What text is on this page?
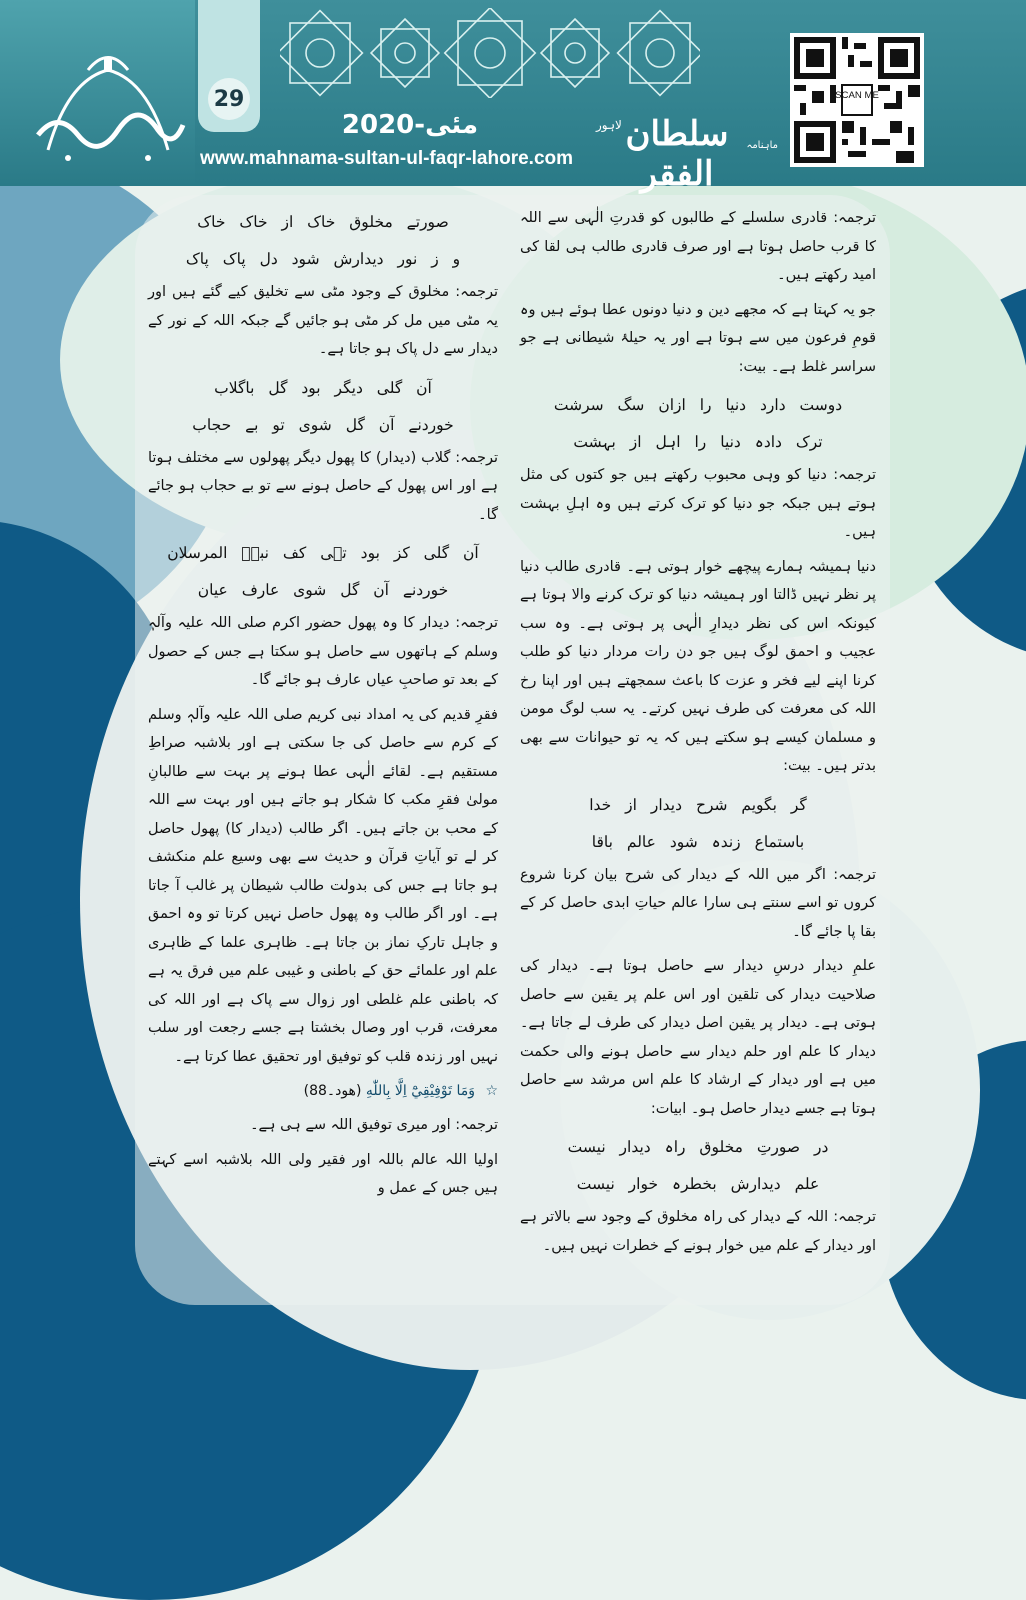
29
مئی-2020
www.mahnama-sultan-ul-faqr-lahore.com
ماہنامہ
سلطان الفقر
لاہور
SCAN ME

ترجمہ: قادری سلسلے کے طالبوں کو قدرتِ الٰہی سے اللہ کا قرب حاصل ہوتا ہے اور صرف قادری طالب ہی لقا کی امید رکھتے ہیں۔

جو یہ کہتا ہے کہ مجھے دین و دنیا دونوں عطا ہوئے ہیں وہ قومِ فرعون میں سے ہوتا ہے اور یہ حیلۂ شیطانی ہے جو سراسر غلط ہے۔ بیت:

دوست دارد دنیا را ازان سگ سرشت
ترک دادہ دنیا را اہل از بہشت

ترجمہ: دنیا کو وہی محبوب رکھتے ہیں جو کتوں کی مثل ہوتے ہیں جبکہ جو دنیا کو ترک کرتے ہیں وہ اہلِ بہشت ہیں۔

دنیا ہمیشہ ہمارے پیچھے خوار ہوتی ہے۔ قادری طالب دنیا پر نظر نہیں ڈالتا اور ہمیشہ دنیا کو ترک کرنے والا ہوتا ہے کیونکہ اس کی نظر دیدارِ الٰہی پر ہوتی ہے۔ وہ سب عجیب و احمق لوگ ہیں جو دن رات مردار دنیا کو طلب کرنا اپنے لیے فخر و عزت کا باعث سمجھتے ہیں اور اپنا رخ اللہ کی معرفت کی طرف نہیں کرتے۔ یہ سب لوگ مومن و مسلمان کیسے ہو سکتے ہیں کہ یہ تو حیوانات سے بھی بدتر ہیں۔ بیت:

گر بگویم شرح دیدار از خدا
باستماع زندہ شود عالم باقا

ترجمہ: اگر میں اللہ کے دیدار کی شرح بیان کرنا شروع کروں تو اسے سنتے ہی سارا عالم حیاتِ ابدی حاصل کر کے بقا پا جائے گا۔

علمِ دیدار درسِ دیدار سے حاصل ہوتا ہے۔ دیدار کی صلاحیت دیدار کی تلقین اور اس علم پر یقین سے حاصل ہوتی ہے۔ دیدار پر یقین اصل دیدار کی طرف لے جاتا ہے۔ دیدار کا علم اور حلم دیدار سے حاصل ہونے والی حکمت میں ہے اور دیدار کے ارشاد کا علم اس مرشد سے حاصل ہوتا ہے جسے دیدار حاصل ہو۔ ابیات:

در صورتِ مخلوق راہ دیدار نیست
علم دیدارش بخطرہ خوار نیست

ترجمہ: اللہ کے دیدار کی راہ مخلوق کے وجود سے بالاتر ہے اور دیدار کے علم میں خوار ہونے کے خطرات نہیں ہیں۔

صورتے مخلوق خاک از خاک خاک
و ز نور دیدارش شود دل پاک پاک

ترجمہ: مخلوق کے وجود مٹی سے تخلیق کیے گئے ہیں اور یہ مٹی میں مل کر مٹی ہو جائیں گے جبکہ اللہ کے نور کے دیدار سے دل پاک ہو جاتا ہے۔

آن گلی دیگر بود گل باگلاب
خوردنے آن گل شوی تو بے حجاب

ترجمہ: گلاب (دیدار) کا پھول دیگر پھولوں سے مختلف ہوتا ہے اور اس پھول کے حاصل ہونے سے تو بے حجاب ہو جائے گا۔

آن گلی کز بود تہی کف نبیؐ المرسلان
خوردنے آن گل شوی عارف عیان

ترجمہ: دیدار کا وہ پھول حضور اکرم صلی اللہ علیہ وآلہٖ وسلم کے ہاتھوں سے حاصل ہو سکتا ہے جس کے حصول کے بعد تو صاحبِ عیاں عارف ہو جائے گا۔

فقرِ قدیم کی یہ امداد نبی کریم صلی اللہ علیہ وآلہٖ وسلم کے کرم سے حاصل کی جا سکتی ہے اور بلاشبہ صراطِ مستقیم ہے۔ لقائے الٰہی عطا ہونے پر بہت سے طالبانِ مولیٰ فقرِ مکب کا شکار ہو جاتے ہیں اور بہت سے اللہ کے محب بن جاتے ہیں۔ اگر طالب (دیدار کا) پھول حاصل کر لے تو آیاتِ قرآن و حدیث سے بھی وسیع علم منکشف ہو جاتا ہے جس کی بدولت طالب شیطان پر غالب آ جاتا ہے۔ اور اگر طالب وہ پھول حاصل نہیں کرتا تو وہ احمق و جاہل تارکِ نماز بن جاتا ہے۔ ظاہری علما کے ظاہری علم اور علمائے حق کے باطنی و غیبی علم میں فرق یہ ہے کہ باطنی علم غلطی اور زوال سے پاک ہے اور اللہ کی معرفت، قرب اور وصال بخشتا ہے جسے رجعت اور سلب نہیں اور زندہ قلب کو توفیق اور تحقیق عطا کرتا ہے۔

☆ وَمَا تَوْفِيْقِيْٓ اِلَّا بِاللّٰهِ (ھود۔88)

ترجمہ: اور میری توفیق اللہ سے ہی ہے۔

اولیا اللہ عالم باللہ اور فقیر ولی اللہ بلاشبہ اسے کہتے ہیں جس کے عمل و
